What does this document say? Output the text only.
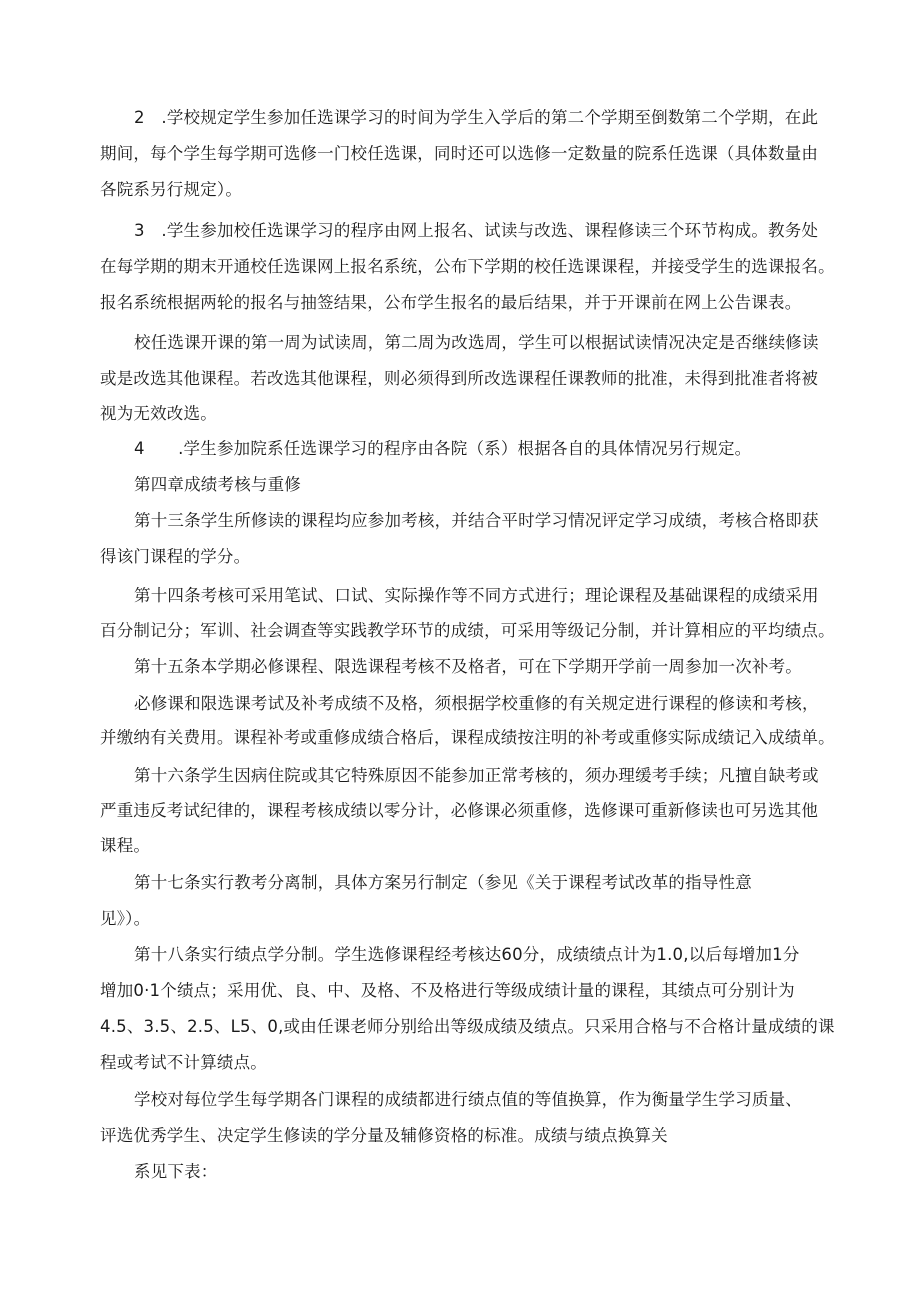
2　.学校规定学生参加任选课学习的时间为学生入学后的第二个学期至倒数第二个学期，在此
期间，每个学生每学期可选修一门校任选课，同时还可以选修一定数量的院系任选课（具体数量由
各院系另行规定）。
3　.学生参加校任选课学习的程序由网上报名、试读与改选、课程修读三个环节构成。教务处
在每学期的期末开通校任选课网上报名系统，公布下学期的校任选课课程，并接受学生的选课报名。
报名系统根据两轮的报名与抽签结果，公布学生报名的最后结果，并于开课前在网上公告课表。
校任选课开课的第一周为试读周，第二周为改选周，学生可以根据试读情况决定是否继续修读
或是改选其他课程。若改选其他课程，则必须得到所改选课程任课教师的批准，未得到批准者将被
视为无效改选。
4　　.学生参加院系任选课学习的程序由各院（系）根据各自的具体情况另行规定。
第四章成绩考核与重修
第十三条学生所修读的课程均应参加考核，并结合平时学习情况评定学习成绩，考核合格即获
得该门课程的学分。
第十四条考核可采用笔试、口试、实际操作等不同方式进行；理论课程及基础课程的成绩采用
百分制记分；军训、社会调查等实践教学环节的成绩，可采用等级记分制，并计算相应的平均绩点。
第十五条本学期必修课程、限选课程考核不及格者，可在下学期开学前一周参加一次补考。
必修课和限选课考试及补考成绩不及格，须根据学校重修的有关规定进行课程的修读和考核，
并缴纳有关费用。课程补考或重修成绩合格后，课程成绩按注明的补考或重修实际成绩记入成绩单。
第十六条学生因病住院或其它特殊原因不能参加正常考核的，须办理缓考手续；凡擅自缺考或
严重违反考试纪律的，课程考核成绩以零分计，必修课必须重修，选修课可重新修读也可另选其他
课程。
第十七条实行教考分离制，具体方案另行制定（参见《关于课程考试改革的指导性意
见》）。
第十八条实行绩点学分制。学生选修课程经考核达60分，成绩绩点计为1.0,以后每增加1分
增加0·1个绩点；采用优、良、中、及格、不及格进行等级成绩计量的课程，其绩点可分别计为
4.5、3.5、2.5、L5、0,或由任课老师分别给出等级成绩及绩点。只采用合格与不合格计量成绩的课
程或考试不计算绩点。
学校对每位学生每学期各门课程的成绩都进行绩点值的等值换算，作为衡量学生学习质量、
评选优秀学生、决定学生修读的学分量及辅修资格的标准。成绩与绩点换算关
系见下表：
